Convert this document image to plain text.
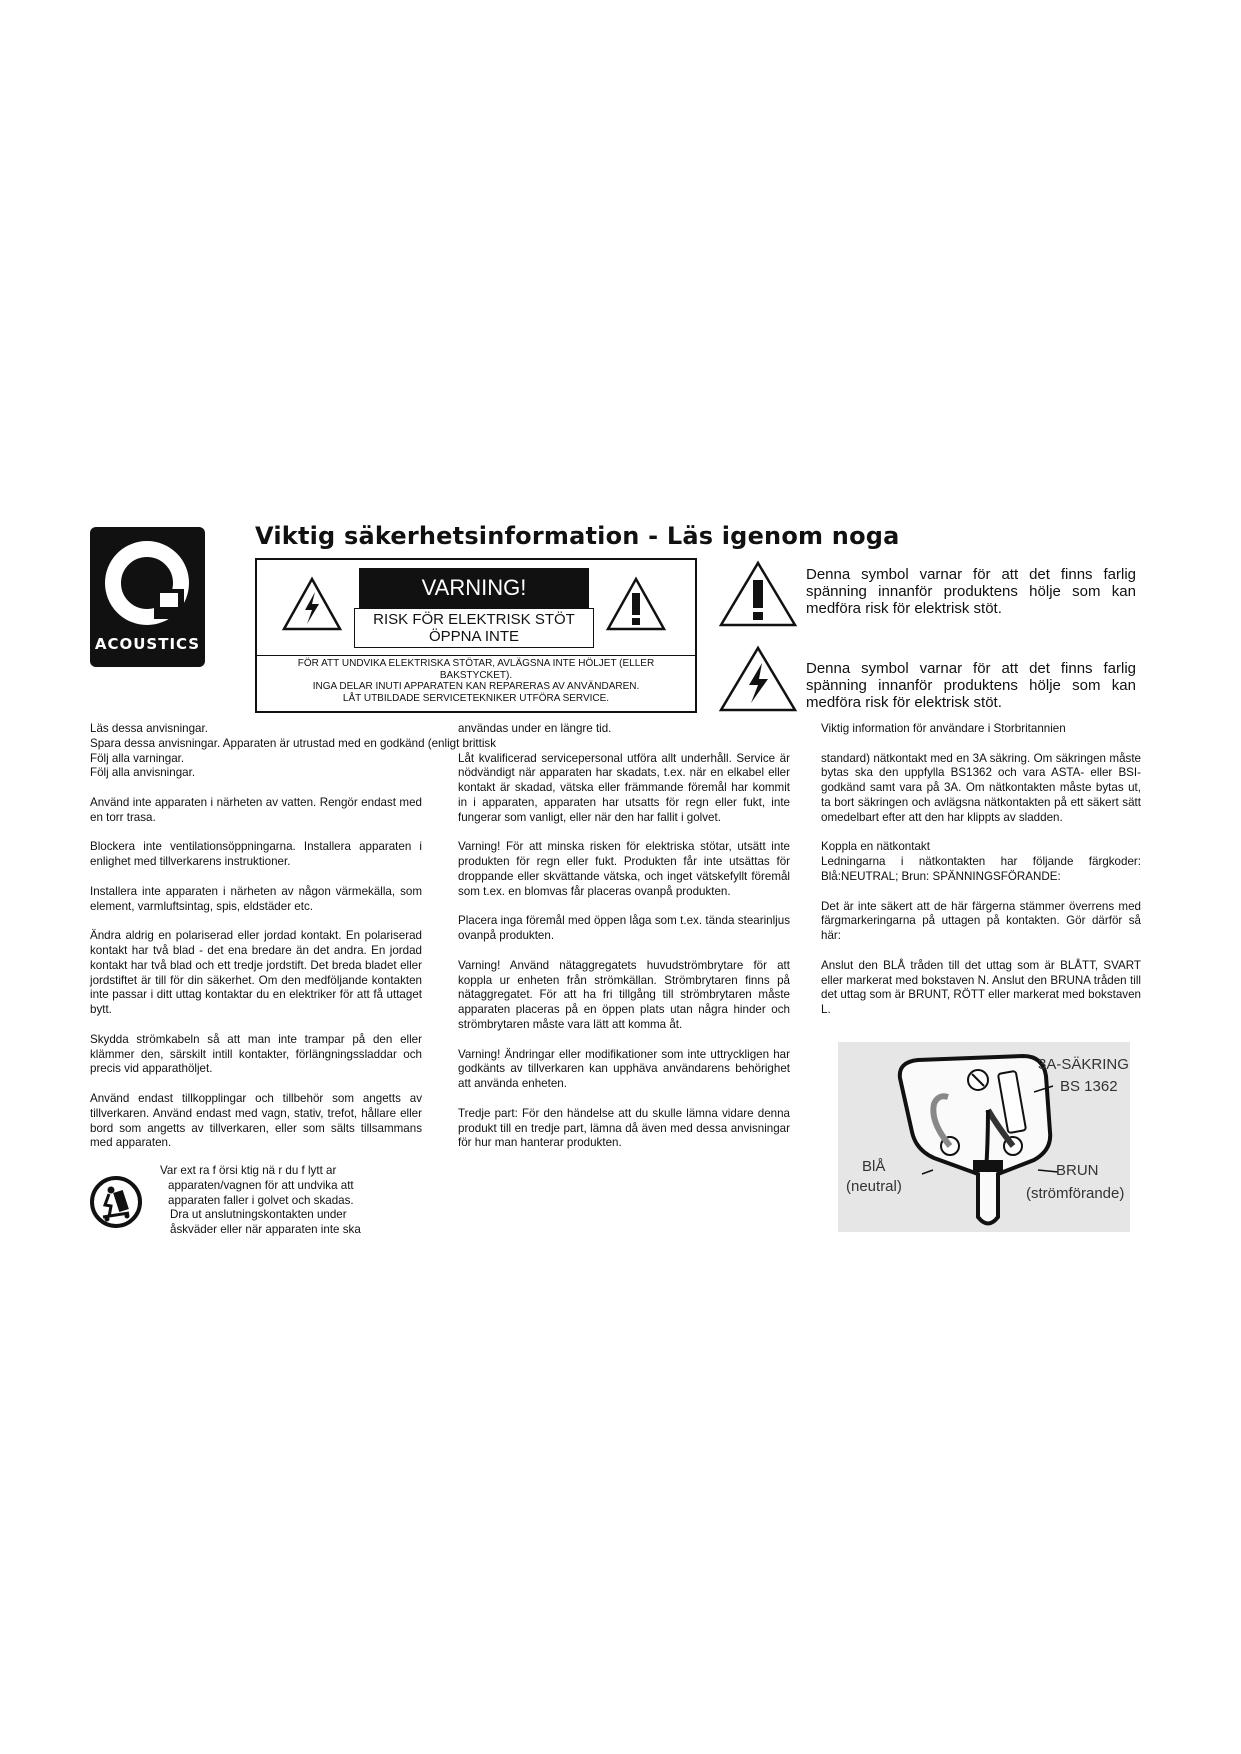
ACOUSTICS
Viktig säkerhetsinformation - Läs igenom noga
VARNING!
RISK FÖR ELEKTRISK STÖT
ÖPPNA INTE
FÖR ATT UNDVIKA ELEKTRISKA STÖTAR, AVLÄGSNA INTE HÖLJET (ELLER
BAKSTYCKET).
INGA DELAR INUTI APPARATEN KAN REPARERAS AV ANVÄNDAREN.
LÅT UTBILDADE SERVICETEKNIKER UTFÖRA SERVICE.
Denna symbol varnar för att det finns farlig spänning innanför produktens hölje som kan medföra risk för elektrisk stöt.
Denna symbol varnar för att det finns farlig spänning innanför produktens hölje som kan medföra risk för elektrisk stöt.
Läs dessa anvisningar.
Spara dessa anvisningar. Apparaten är utrustad med en godkänd (enligt brittisk
Följ alla varningar.
Följ alla anvisningar.

Använd inte apparaten i närheten av vatten. Rengör endast med en torr trasa.

Blockera inte ventilationsöppningarna. Installera apparaten i enlighet med tillverkarens instruktioner.

Installera inte apparaten i närheten av någon värmekälla, som element, varmluftsintag, spis, eldstäder etc.

Ändra aldrig en polariserad eller jordad kontakt. En polariserad kontakt har två blad - det ena bredare än det andra. En jordad kontakt har två blad och ett tredje jordstift. Det breda bladet eller jordstiftet är till för din säkerhet. Om den medföljande kontakten inte passar i ditt uttag kontaktar du en elektriker för att få uttaget bytt.

Skydda strömkabeln så att man inte trampar på den eller klämmer den, särskilt intill kontakter, förlängningssladdar och precis vid apparathöljet.

Använd endast tillkopplingar och tillbehör som angetts av tillverkaren. Använd endast med vagn, stativ, trefot, hållare eller bord som angetts av tillverkaren, eller som sälts tillsammans med apparaten.

Var ext ra f örsi ktig nä r du f lytt ar
apparaten/vagnen för att undvika att
apparaten faller i golvet och skadas.
Dra ut anslutningskontakten under
åskväder eller när apparaten inte ska
användas under en längre tid.

Låt kvalificerad servicepersonal utföra allt underhåll. Service är nödvändigt när apparaten har skadats, t.ex. när en elkabel eller kontakt är skadad, vätska eller främmande föremål har kommit in i apparaten, apparaten har utsatts för regn eller fukt, inte fungerar som vanligt, eller när den har fallit i golvet.

Varning! För att minska risken för elektriska stötar, utsätt inte produkten för regn eller fukt. Produkten får inte utsättas för droppande eller skvättande vätska, och inget vätskefyllt föremål som t.ex. en blomvas får placeras ovanpå produkten.

Placera inga föremål med öppen låga som t.ex. tända stearinljus ovanpå produkten.

Varning! Använd nätaggregatets huvudströmbrytare för att koppla ur enheten från strömkällan. Strömbrytaren finns på nätaggregatet. För att ha fri tillgång till strömbrytaren måste apparaten placeras på en öppen plats utan några hinder och strömbrytaren måste vara lätt att komma åt.

Varning! Ändringar eller modifikationer som inte uttryckligen har godkänts av tillverkaren kan upphäva användarens behörighet att använda enheten.

Tredje part: För den händelse att du skulle lämna vidare denna produkt till en tredje part, lämna då även med dessa anvisningar för hur man hanterar produkten.

Viktig information för användare i Storbritannien

standard) nätkontakt med en 3A säkring. Om säkringen måste bytas ska den uppfylla BS1362 och vara ASTA- eller BSI-godkänd samt vara på 3A. Om nätkontakten måste bytas ut, ta bort säkringen och avlägsna nätkontakten på ett säkert sätt omedelbart efter att den har klippts av sladden.

Koppla en nätkontakt

Ledningarna i nätkontakten har följande färgkoder: Blå:NEUTRAL; Brun: SPÄNNINGSFÖRANDE:

Det är inte säkert att de här färgerna stämmer överrens med färgmarkeringarna på uttagen på kontakten. Gör därför så här:

Anslut den BLÅ tråden till det uttag som är BLÅTT, SVART eller markerat med bokstaven N. Anslut den BRUNA tråden till det uttag som är BRUNT, RÖTT eller markerat med bokstaven L.

3A-SÄKRING
BS 1362
BlÅ
(neutral)
BRUN
(strömförande)
